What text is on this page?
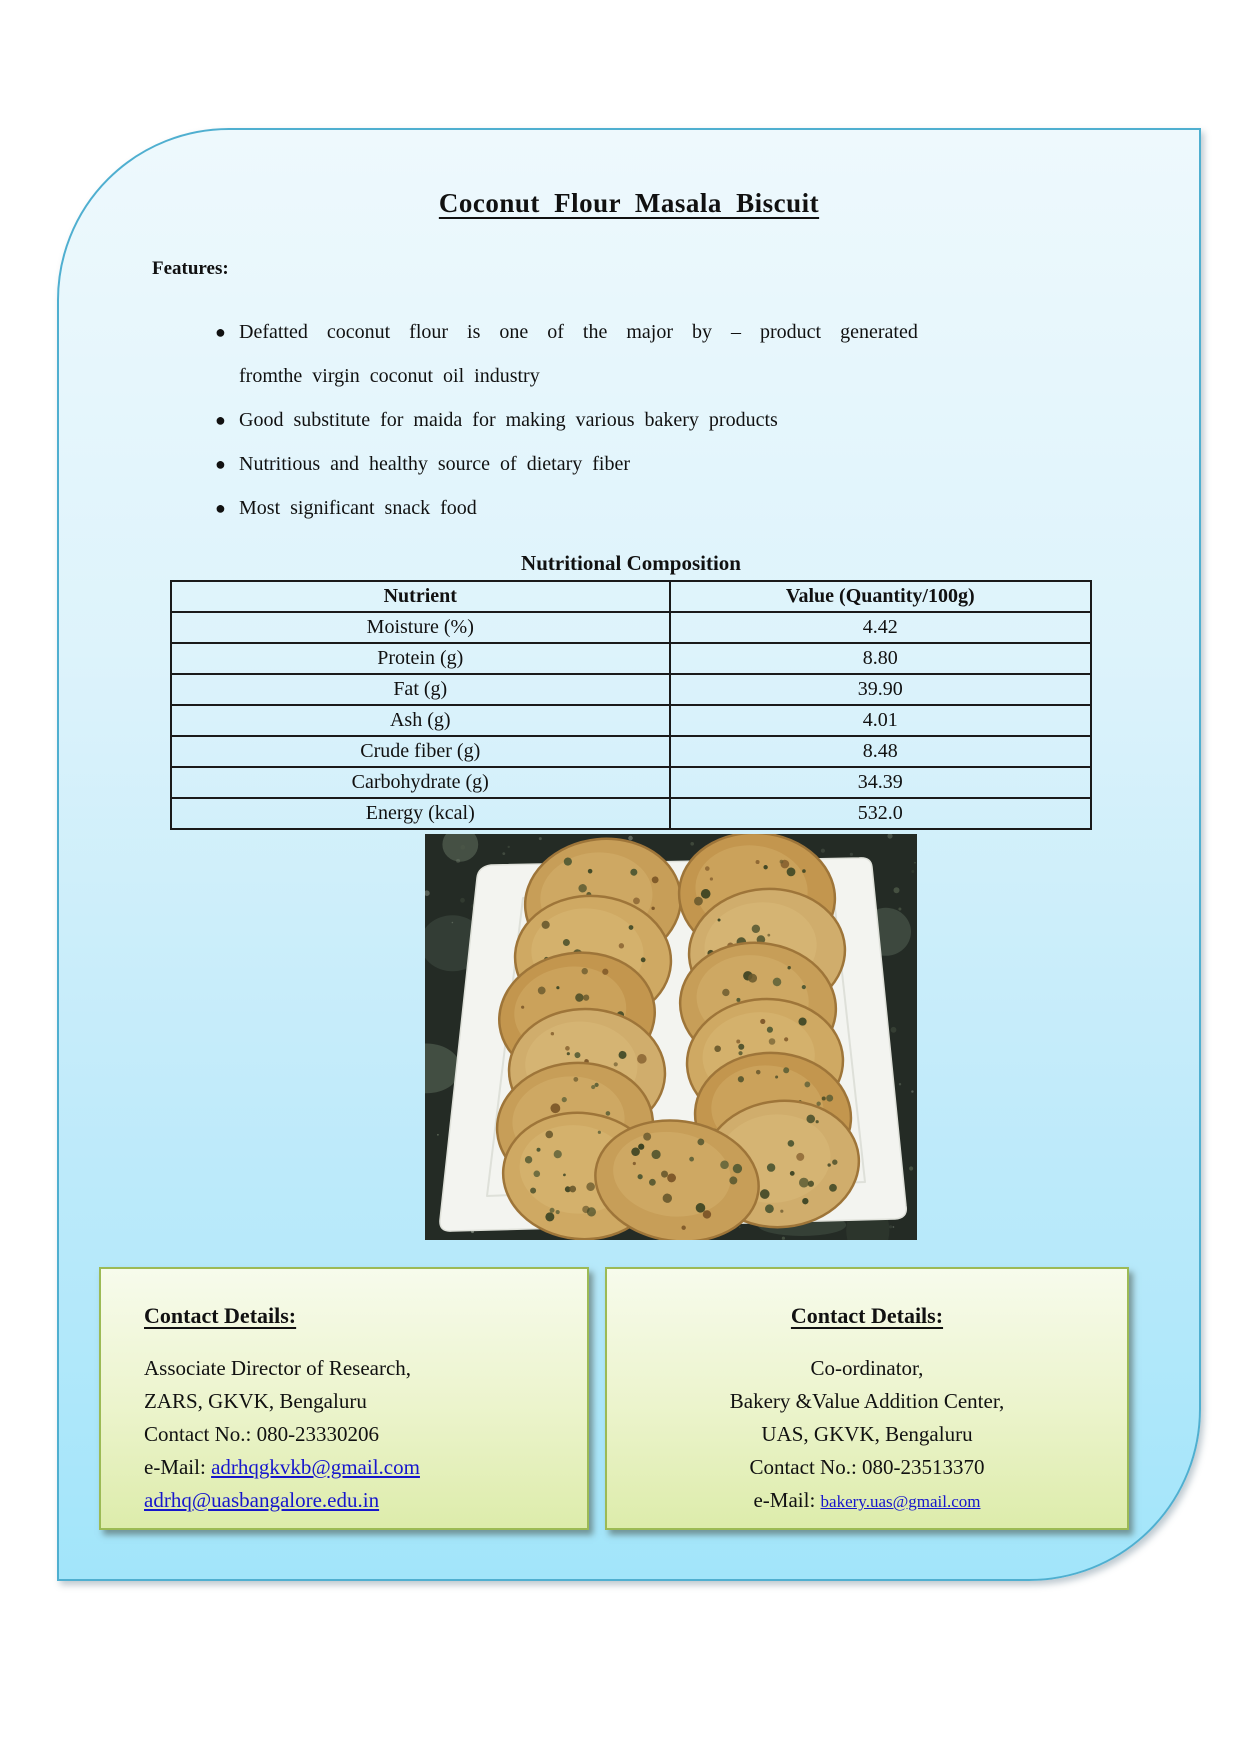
Coconut Flour Masala Biscuit
Features:
● Defatted coconut flour is one of the major by – product generated
fromthe virgin coconut oil industry
● Good substitute for maida for making various bakery products
● Nutritious and healthy source of dietary fiber
● Most significant snack food
Nutritional Composition
Nutrient	Value (Quantity/100g)
Moisture (%)	4.42
Protein (g)	8.80
Fat (g)	39.90
Ash (g)	4.01
Crude fiber (g)	8.48
Carbohydrate (g)	34.39
Energy (kcal)	532.0
Contact Details:
Associate Director of Research,
ZARS, GKVK, Bengaluru
Contact No.: 080-23330206
e-Mail: adrhqgkvkb@gmail.com
adrhq@uasbangalore.edu.in
Contact Details:
Co-ordinator,
Bakery &Value Addition Center,
UAS, GKVK, Bengaluru
Contact No.: 080-23513370
e-Mail: bakery.uas@gmail.com
